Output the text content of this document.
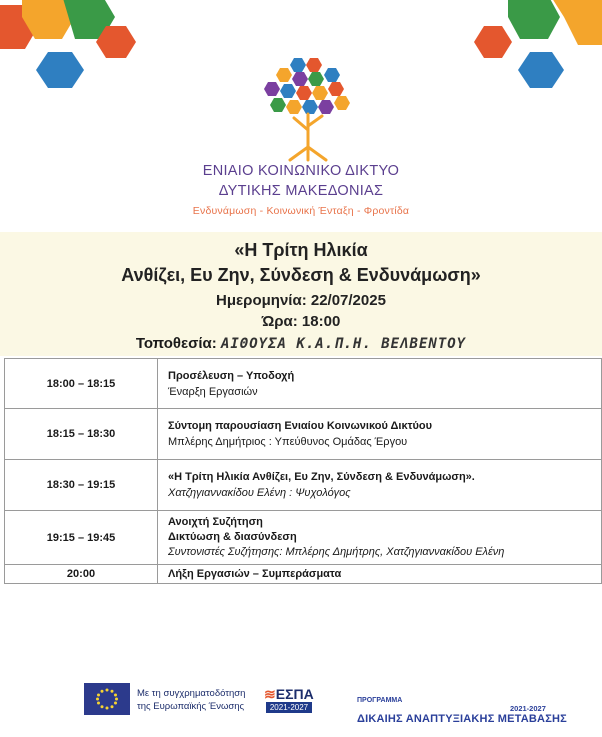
ΕΝΙΑΙΟ ΚΟΙΝΩΝΙΚΟ ΔΙΚΤΥΟ
ΔΥΤΙΚΗΣ ΜΑΚΕΔΟΝΙΑΣ
Ενδυνάμωση - Κοινωνική Ένταξη - Φροντίδα
«Η Τρίτη Ηλικία
Ανθίζει, Ευ Ζην, Σύνδεση & Ενδυνάμωση»
Ημερομηνία: 22/07/2025
Ώρα: 18:00
Τοποθεσία: ΑΙΘΟΥΣΑ Κ.Α.Π.Η. ΒΕΛΒΕΝΤΟΥ
18:00 – 18:15	Προσέλευση – Υποδοχή
Έναρξη Εργασιών

18:15 – 18:30	Σύντομη παρουσίαση Ενιαίου Κοινωνικού Δικτύου
Μπλέρης Δημήτριος : Υπεύθυνος Ομάδας Έργου

18:30 – 19:15	«Η Τρίτη Ηλικία Ανθίζει, Ευ Ζην, Σύνδεση & Ενδυνάμωση».
Χατζηγιαννακίδου Ελένη : Ψυχολόγος

19:15 – 19:45	Ανοιχτή Συζήτηση
Δικτύωση & διασύνδεση
Συντονιστές Συζήτησης: Μπλέρης Δημήτρης, Χατζηγιαννακίδου Ελένη

20:00	Λήξη Εργασιών – Συμπεράσματα
Με τη συγχρηματοδότηση
της Ευρωπαϊκής Ένωσης
≋ΕΣΠΑ
2021-2027
ΠΡΟΓΡΑΜΜΑ
2021-2027
ΔΙΚΑΙΗΣ ΑΝΑΠΤΥΞΙΑΚΗΣ ΜΕΤΑΒΑΣΗΣ
